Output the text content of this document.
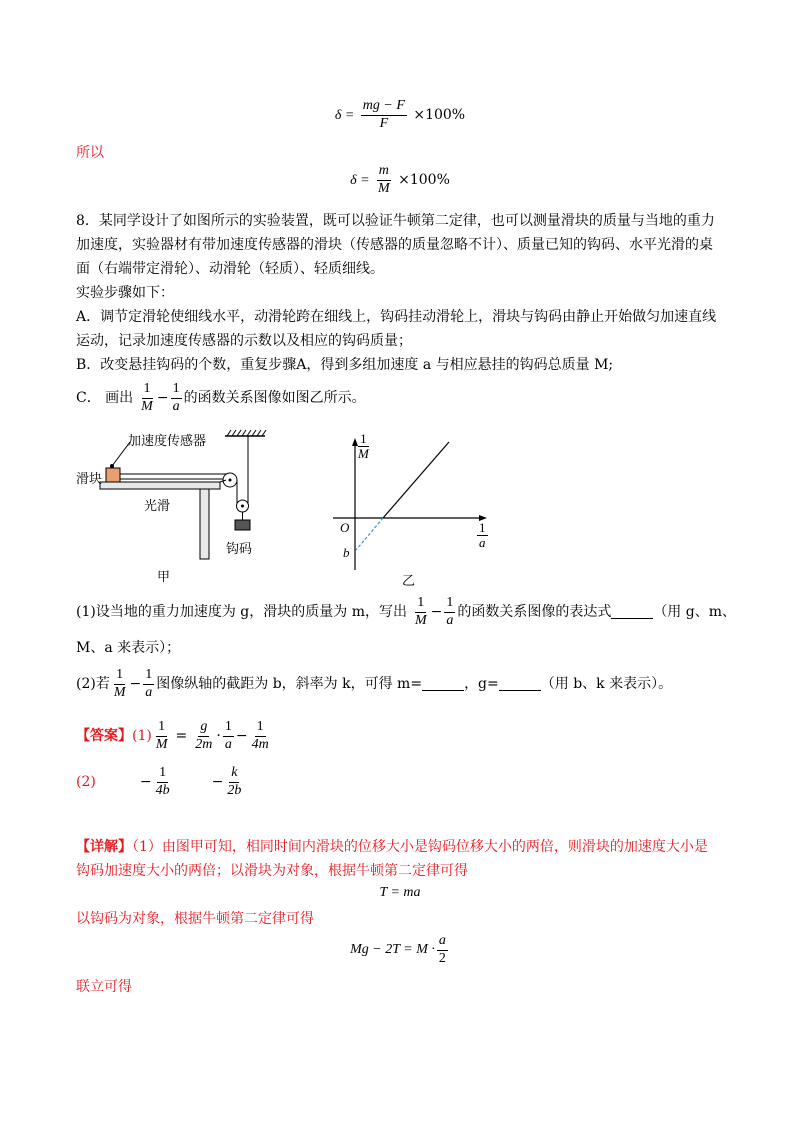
$\delta = \frac{mg - F}{F} \times 100\%$
所以
$\delta = \frac{m}{M} \times 100\%$
8．某同学设计了如图所示的实验装置，既可以验证牛顿第二定律，也可以测量滑块的质量与当地的重力
加速度，实验器材有带加速度传感器的滑块（传感器的质量忽略不计）、质量已知的钩码、水平光滑的桌
面（右端带定滑轮）、动滑轮（轻质）、轻质细线。
实验步骤如下：
A．调节定滑轮使细线水平，动滑轮跨在细线上，钩码挂动滑轮上，滑块与钩码由静止开始做匀加速直线
运动，记录加速度传感器的示数以及相应的钩码质量；
B．改变悬挂钩码的个数，重复步骤A，得到多组加速度 a 与相应悬挂的钩码总质量 M;
C． 画出 $\frac{1}{M} - \frac{1}{a}$ 的函数关系图像如图乙所示。
加速度传感器
滑块
光滑
钩码
甲
$\frac{1}{M}$
$\frac{1}{a}$
O
b
乙
(1)设当地的重力加速度为 g，滑块的质量为 m，写出 $\frac{1}{M} - \frac{1}{a}$ 的函数关系图像的表达式	（用 g、m、
M、a 来表示）；
(2)若 $\frac{1}{M} - \frac{1}{a}$ 图像纵轴的截距为 b，斜率为 k，可得 m=	，g=	（用 b、k 来表示）。
【答案】 $(1) \frac{1}{M} = \frac{g}{2m} \cdot \frac{1}{a} - \frac{1}{4m}$
(2)	− $\frac{1}{4b}$	− $\frac{k}{2b}$
【详解】（1）由图甲可知，相同时间内滑块的位移大小是钩码位移大小的两倍，则滑块的加速度大小是
钩码加速度大小的两倍；以滑块为对象，根据牛顿第二定律可得
T = ma
以钩码为对象，根据牛顿第二定律可得
$Mg - 2T = M \cdot \frac{a}{2}$
联立可得
